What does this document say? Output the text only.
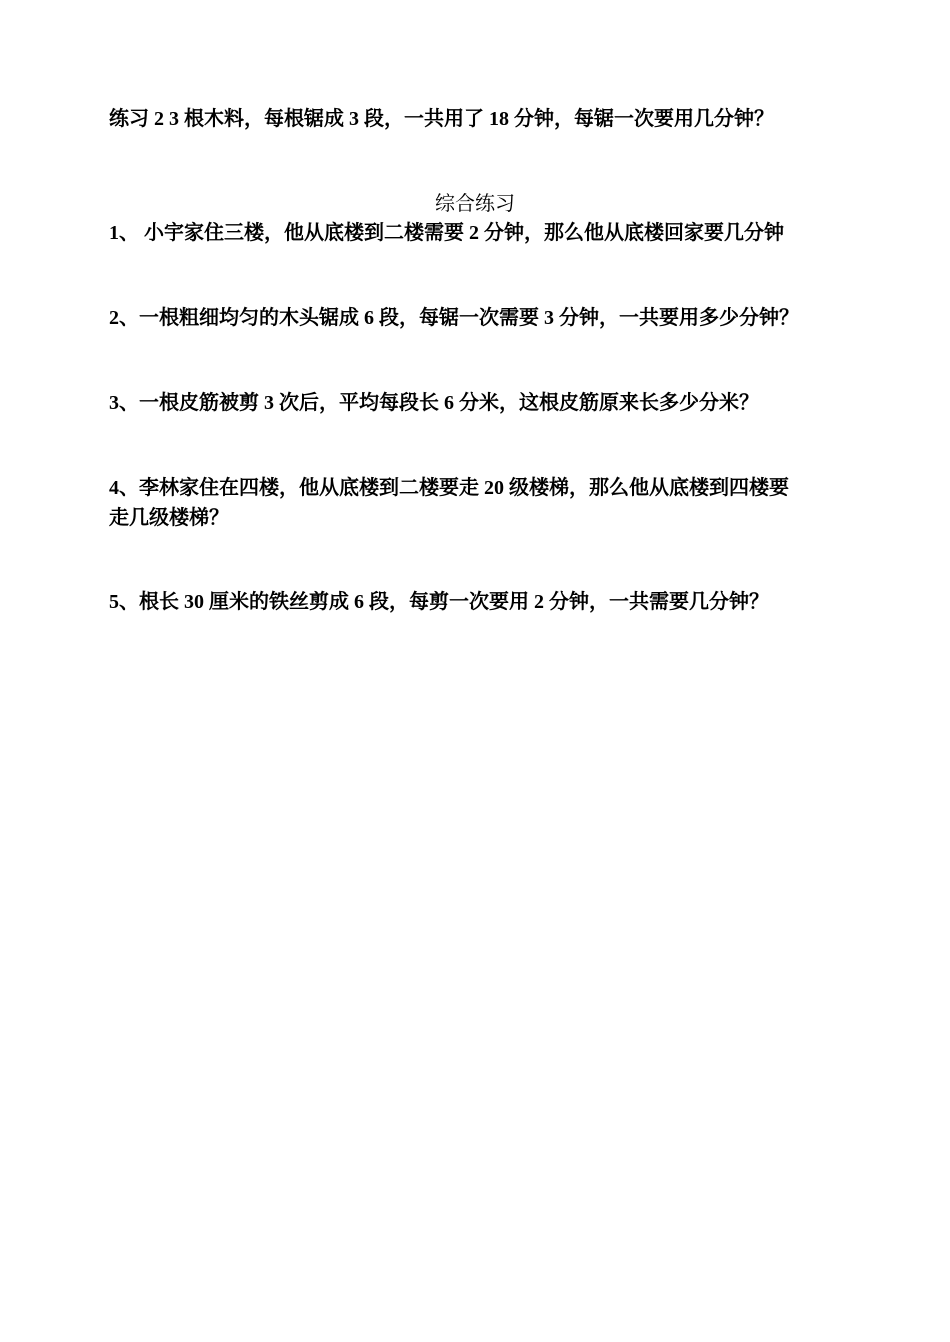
练习 2 3 根木料，每根锯成 3 段，一共用了 18 分钟，每锯一次要用几分钟？
综合练习
1、 小宇家住三楼，他从底楼到二楼需要 2 分钟，那么他从底楼回家要几分钟
2、一根粗细均匀的木头锯成 6 段，每锯一次需要 3 分钟，一共要用多少分钟？
3、一根皮筋被剪 3 次后，平均每段长 6 分米，这根皮筋原来长多少分米？
4、李林家住在四楼，他从底楼到二楼要走 20 级楼梯，那么他从底楼到四楼要
走几级楼梯？
5、根长 30 厘米的铁丝剪成 6 段，每剪一次要用 2 分钟，一共需要几分钟？
